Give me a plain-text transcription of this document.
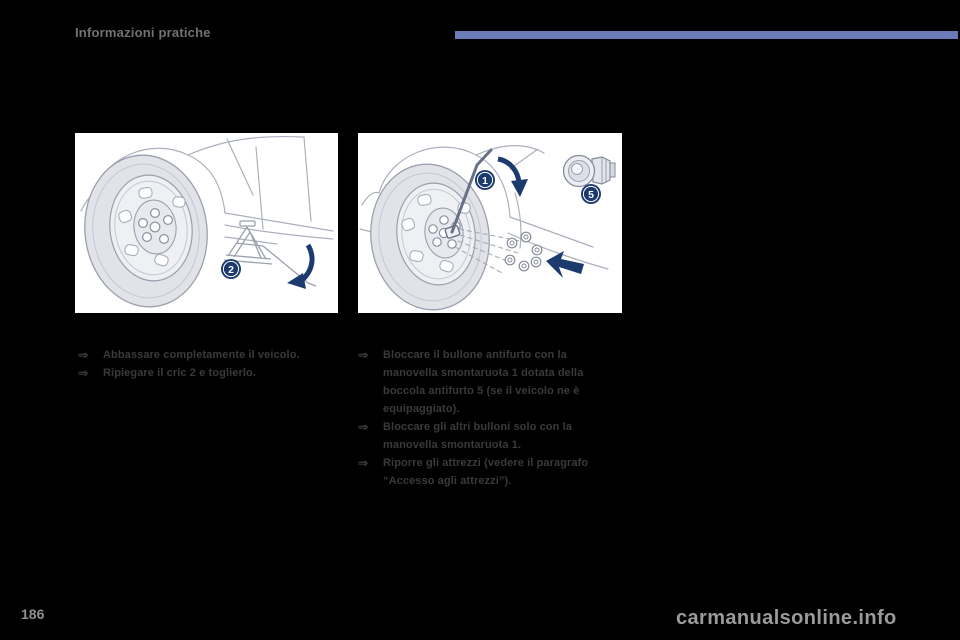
Informazioni pratiche
2
1
5
⇒ Abbassare completamente il veicolo.
⇒ Ripiegare il cric 2 e toglierlo.
⇒ Bloccare il bullone antifurto con la manovella smontaruota 1 dotata della boccola antifurto 5 (se il veicolo ne è equipaggiato).
⇒ Bloccare gli altri bulloni solo con la manovella smontaruota 1.
⇒ Riporre gli attrezzi (vedere il paragrafo “Accesso agli attrezzi”).
186	carmanualsonline.info
